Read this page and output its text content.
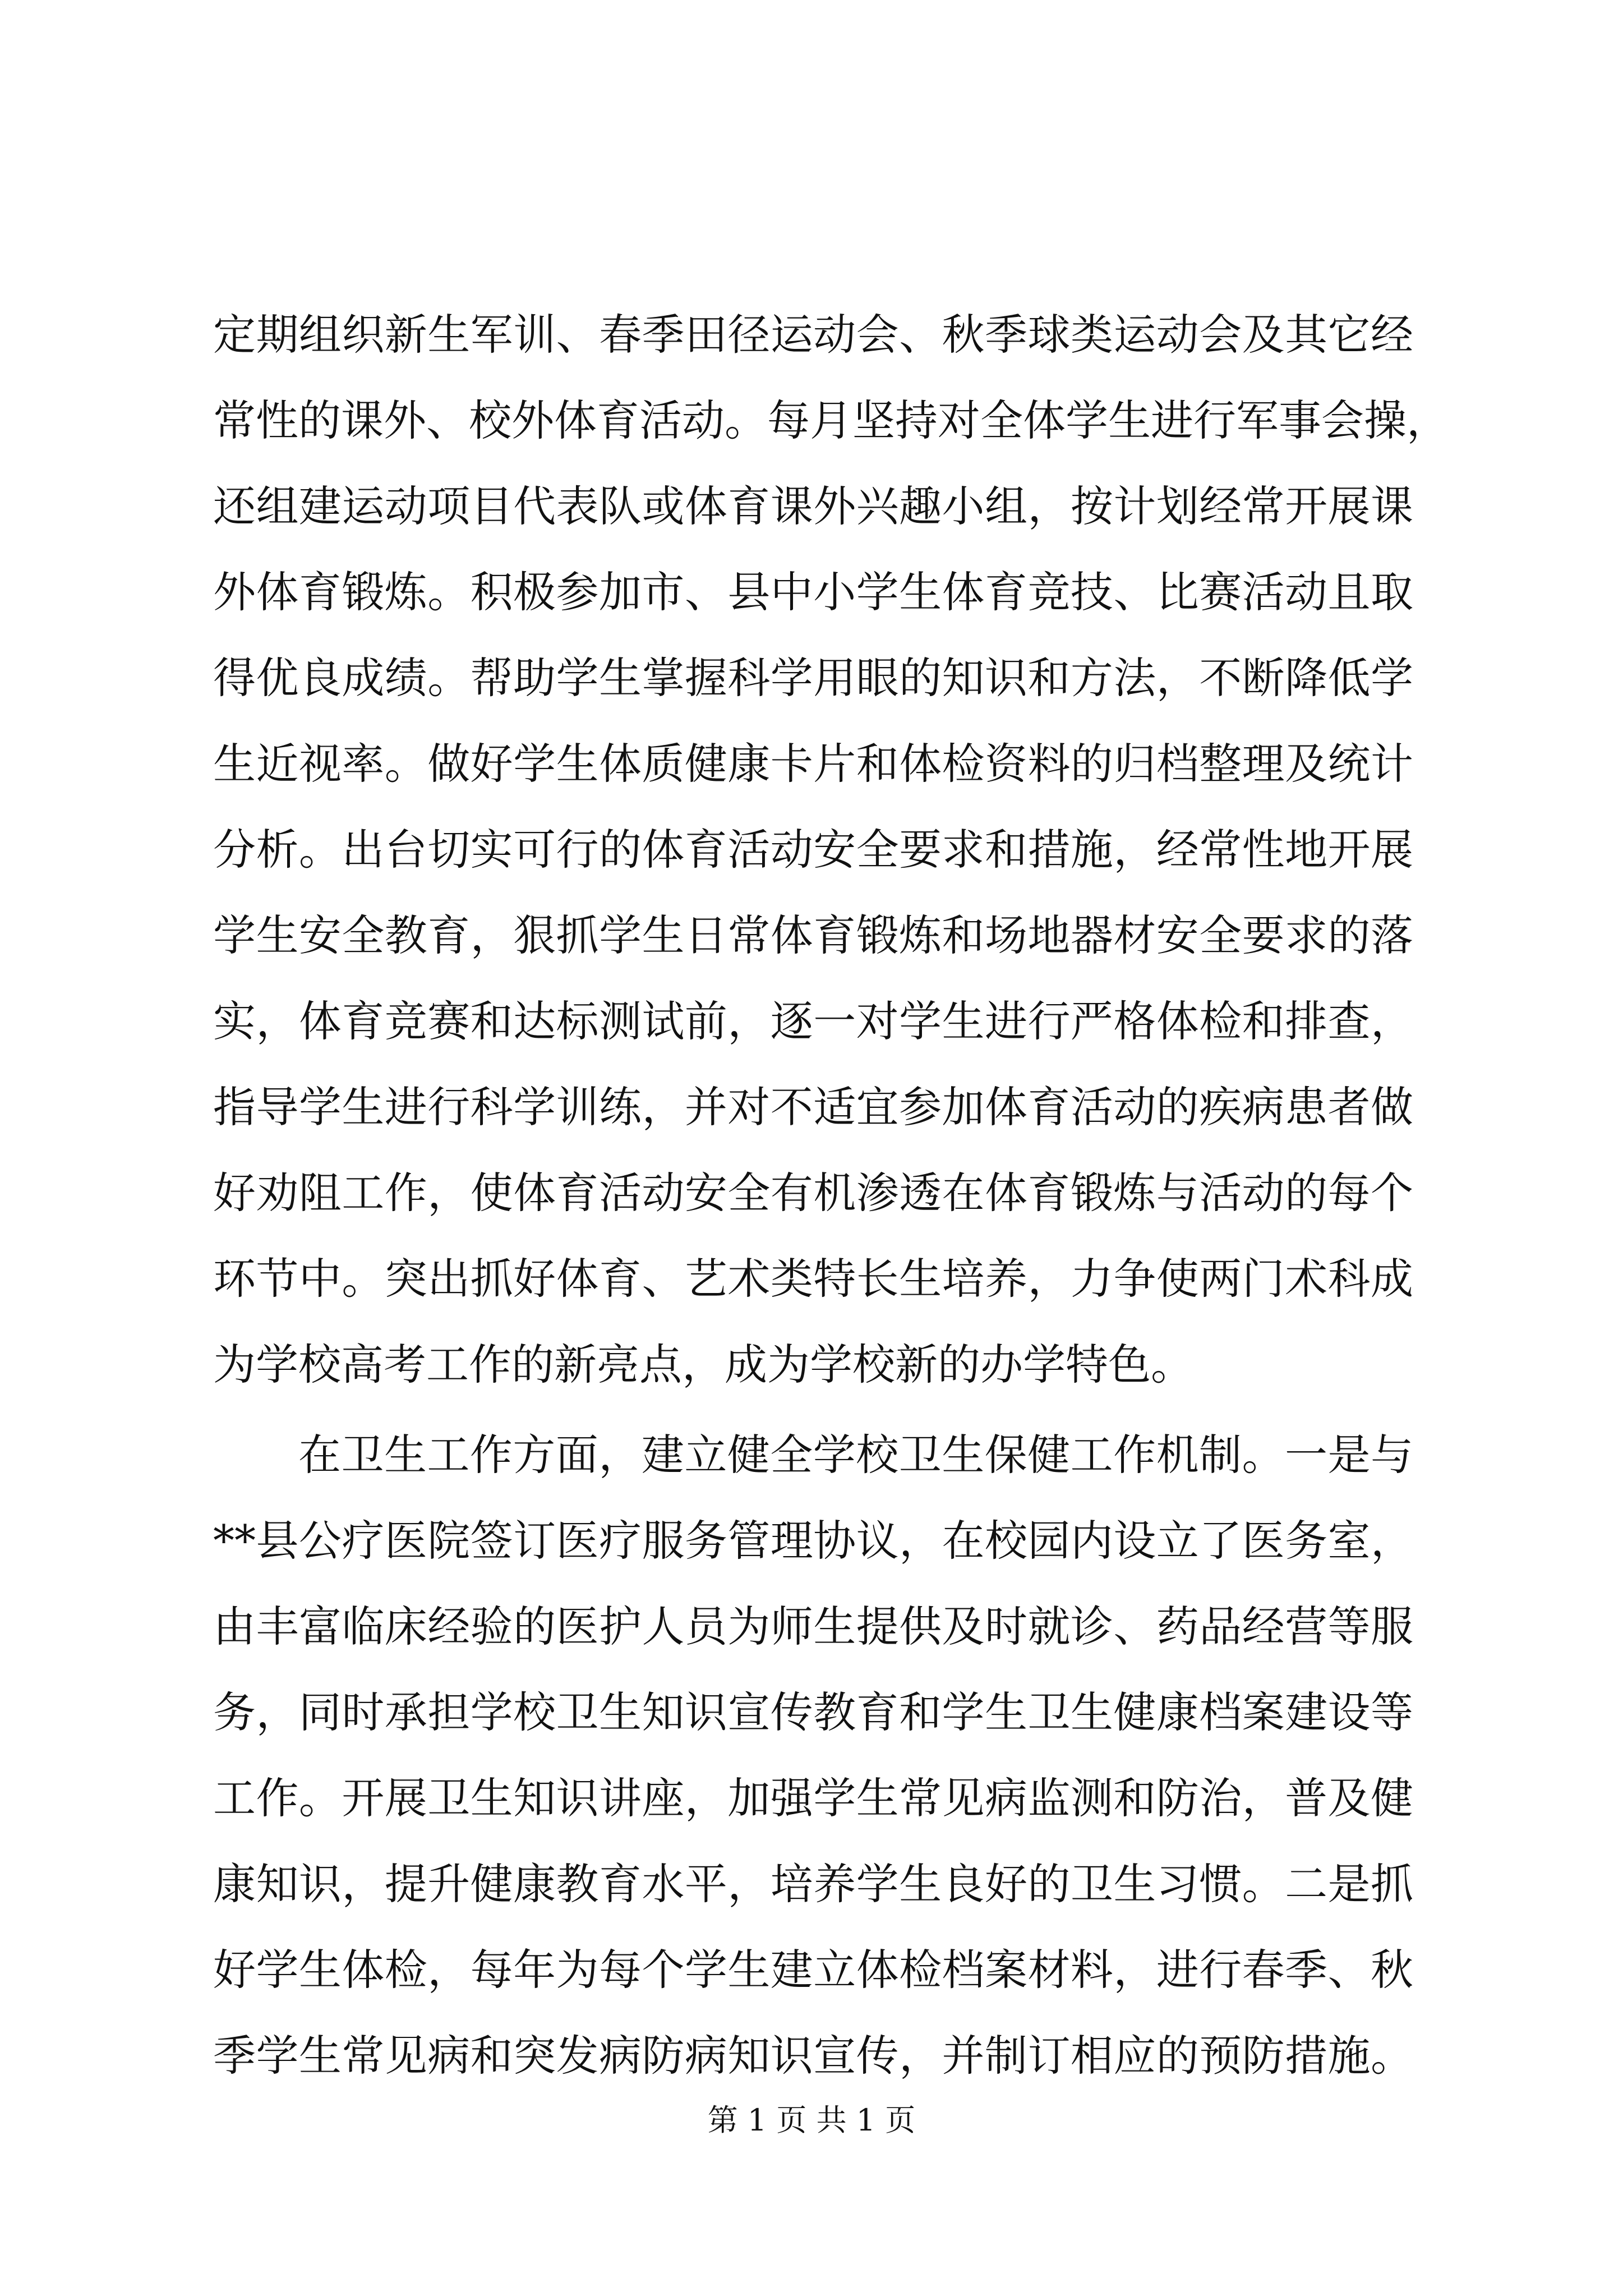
定期组织新生军训、春季田径运动会、秋季球类运动会及其它经
常性的课外、校外体育活动。每月坚持对全体学生进行军事会操，
还组建运动项目代表队或体育课外兴趣小组，按计划经常开展课
外体育锻炼。积极参加市、县中小学生体育竞技、比赛活动且取
得优良成绩。帮助学生掌握科学用眼的知识和方法，不断降低学
生近视率。做好学生体质健康卡片和体检资料的归档整理及统计
分析。出台切实可行的体育活动安全要求和措施，经常性地开展
学生安全教育，狠抓学生日常体育锻炼和场地器材安全要求的落
实，体育竞赛和达标测试前，逐一对学生进行严格体检和排查，
指导学生进行科学训练，并对不适宜参加体育活动的疾病患者做
好劝阻工作，使体育活动安全有机渗透在体育锻炼与活动的每个
环节中。突出抓好体育、艺术类特长生培养，力争使两门术科成
为学校高考工作的新亮点，成为学校新的办学特色。
在卫生工作方面，建立健全学校卫生保健工作机制。一是与
**县公疗医院签订医疗服务管理协议，在校园内设立了医务室，
由丰富临床经验的医护人员为师生提供及时就诊、药品经营等服
务，同时承担学校卫生知识宣传教育和学生卫生健康档案建设等
工作。开展卫生知识讲座，加强学生常见病监测和防治，普及健
康知识，提升健康教育水平，培养学生良好的卫生习惯。二是抓
好学生体检，每年为每个学生建立体检档案材料，进行春季、秋
季学生常见病和突发病防病知识宣传，并制订相应的预防措施。
第 1 页 共 1 页
